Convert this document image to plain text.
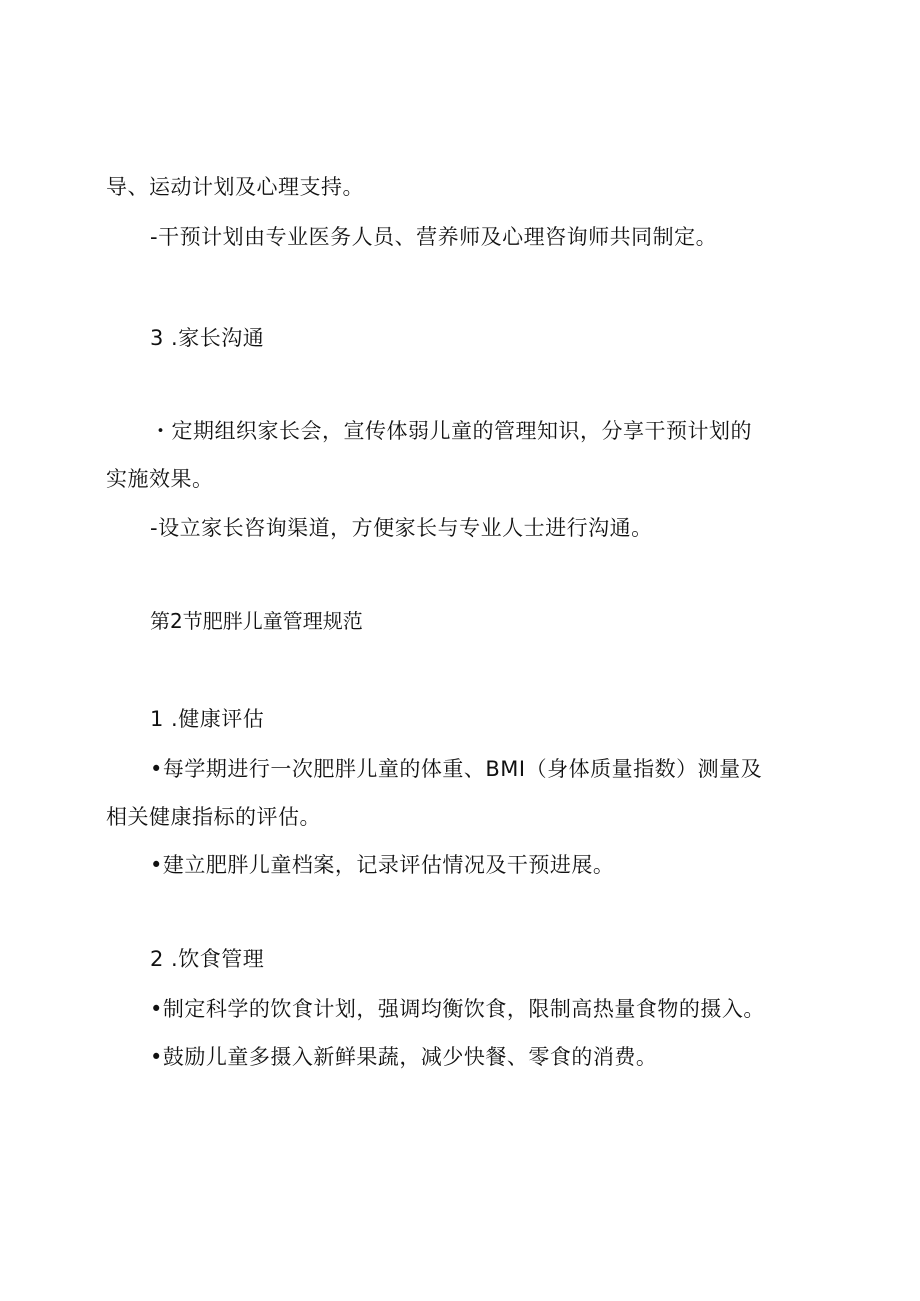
导、运动计划及心理支持。
-干预计划由专业医务人员、营养师及心理咨询师共同制定。
3 .家长沟通
・定期组织家长会，宣传体弱儿童的管理知识，分享干预计划的
实施效果。
-设立家长咨询渠道，方便家长与专业人士进行沟通。
第2节肥胖儿童管理规范
1 .健康评估
•每学期进行一次肥胖儿童的体重、BMI（身体质量指数）测量及
相关健康指标的评估。
•建立肥胖儿童档案，记录评估情况及干预进展。
2 .饮食管理
•制定科学的饮食计划，强调均衡饮食，限制高热量食物的摄入。
•鼓励儿童多摄入新鲜果蔬，减少快餐、零食的消费。
